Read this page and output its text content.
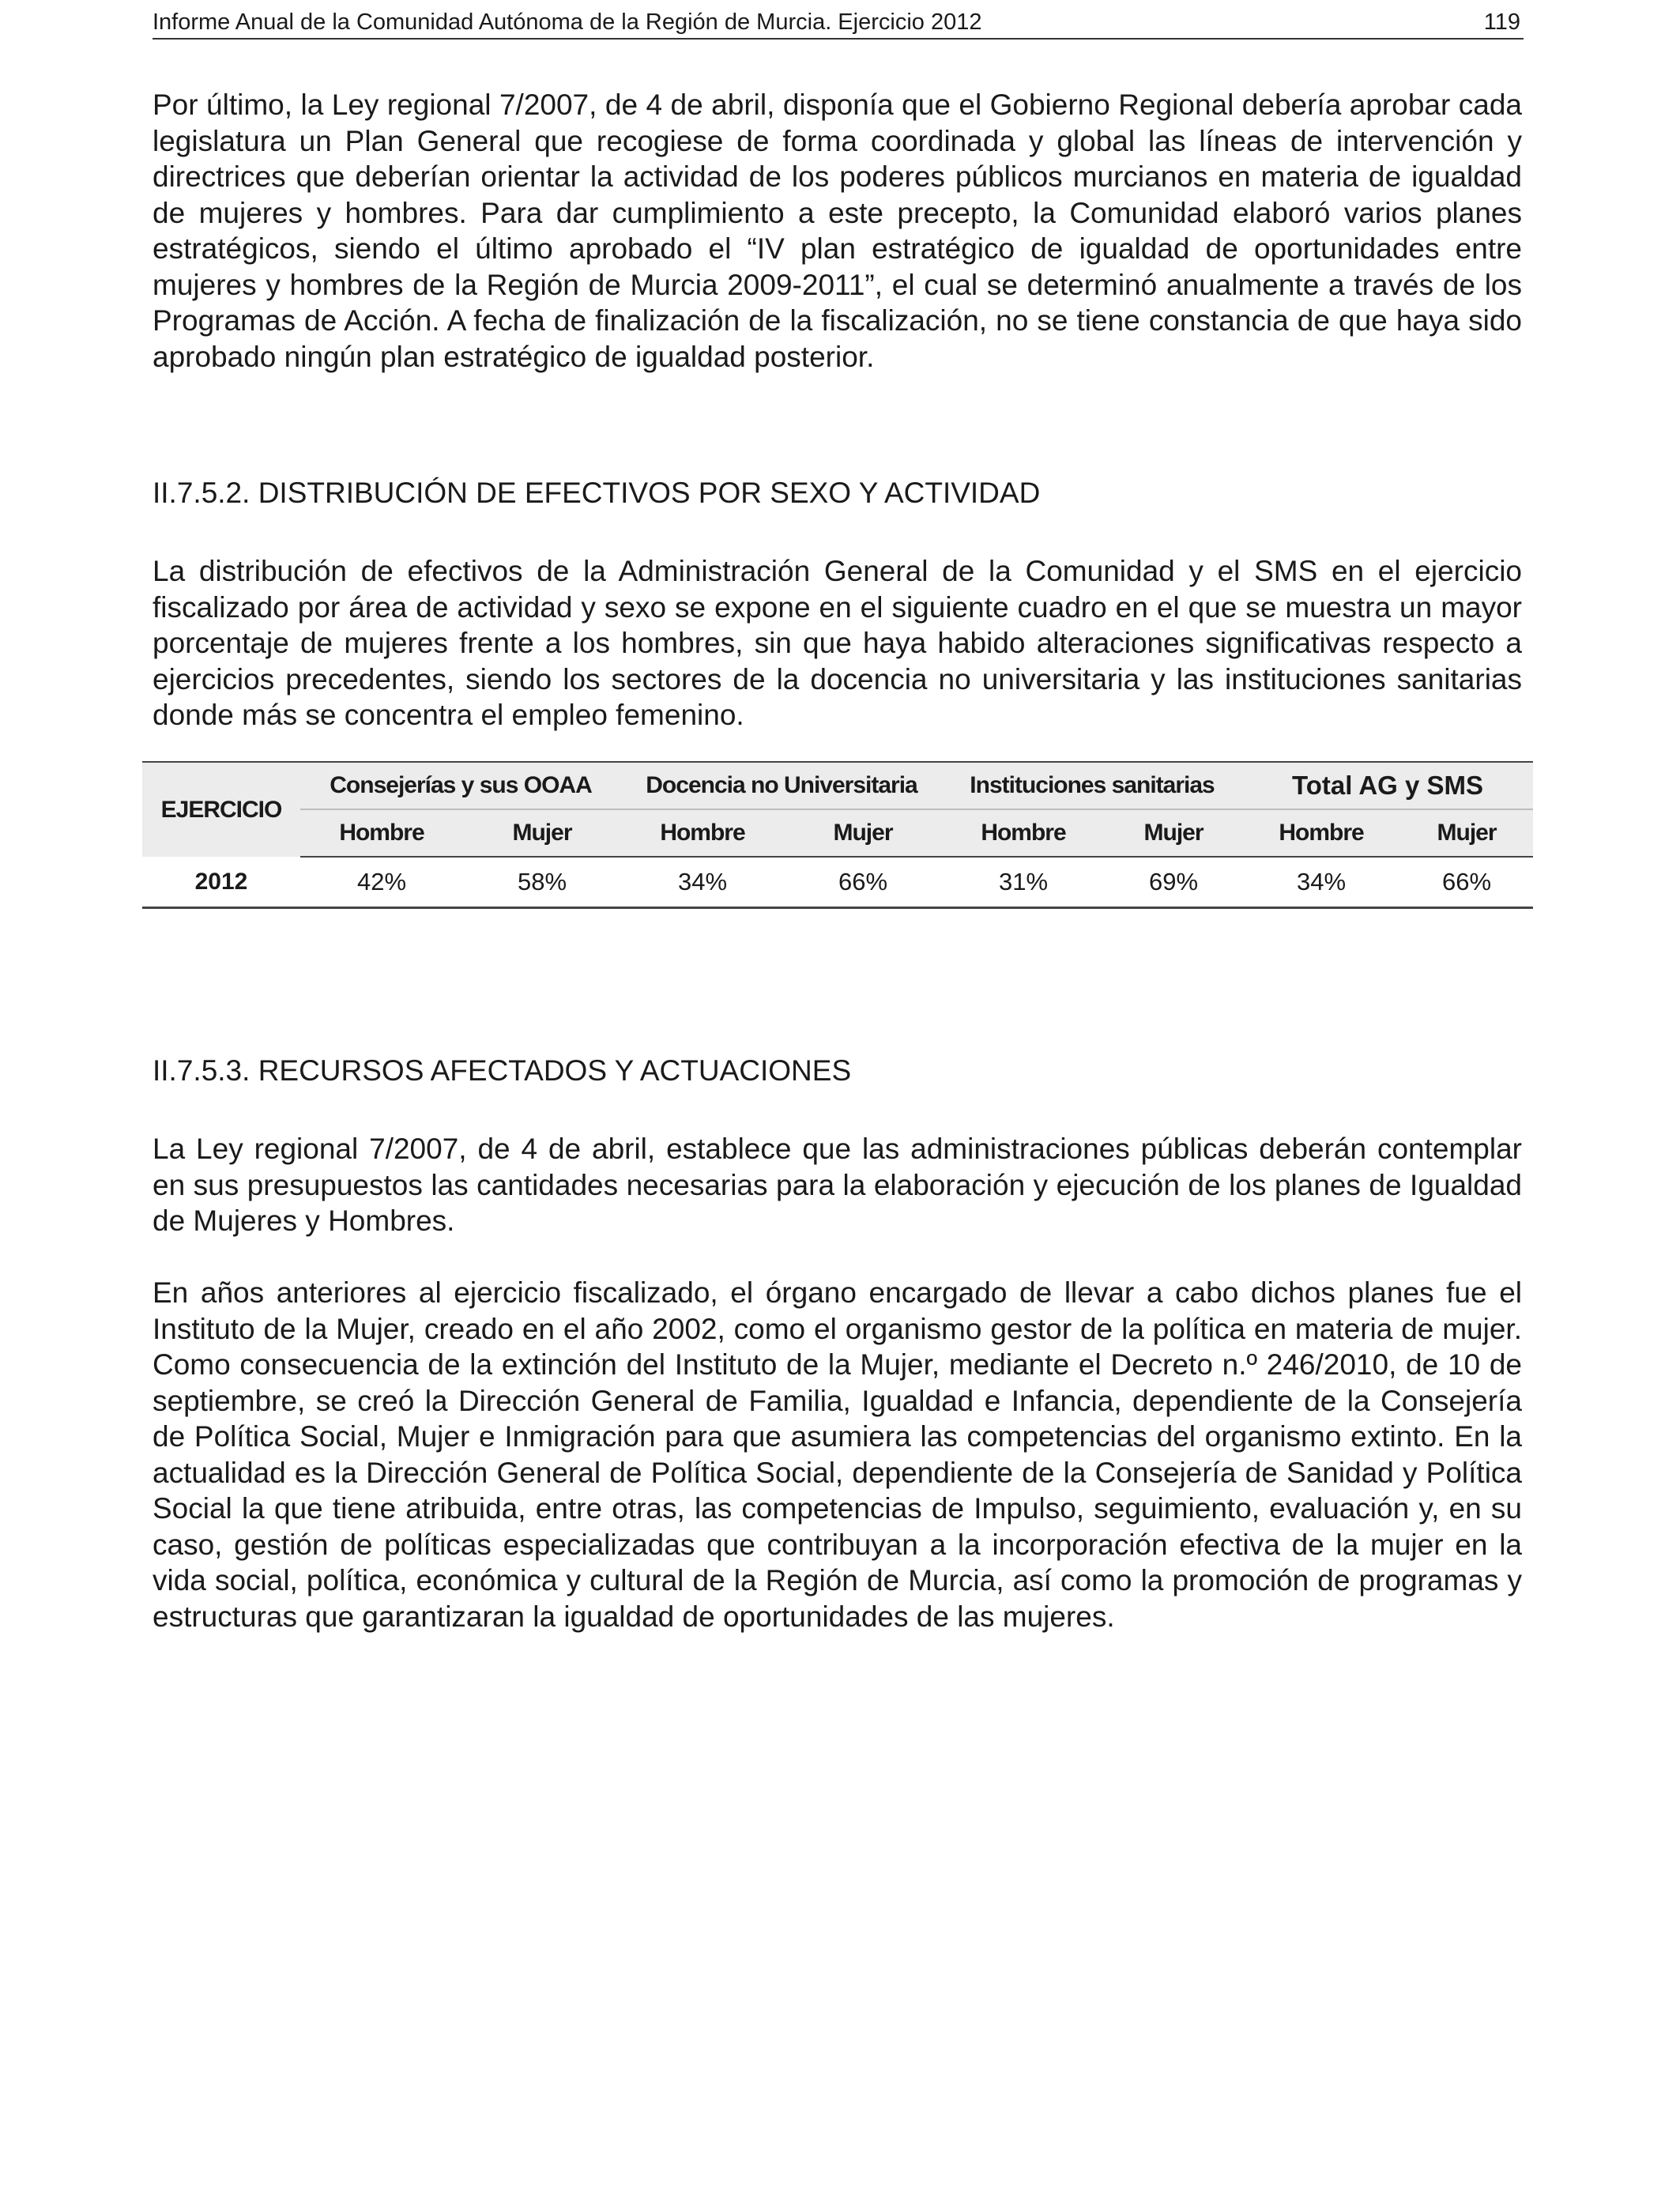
Informe Anual de la Comunidad Autónoma de la Región de Murcia. Ejercicio 2012	119

Por último, la Ley regional 7/2007, de 4 de abril, disponía que el Gobierno Regional debería aprobar cada legislatura un Plan General que recogiese de forma coordinada y global las líneas de intervención y directrices que deberían orientar la actividad de los poderes públicos murcianos en materia de igualdad de mujeres y hombres. Para dar cumplimiento a este precepto, la Comunidad elaboró varios planes estratégicos, siendo el último aprobado el “IV plan estratégico de igualdad de oportunidades entre mujeres y hombres de la Región de Murcia 2009-2011”, el cual se determinó anualmente a través de los Programas de Acción. A fecha de finalización de la fiscalización, no se tiene constancia de que haya sido aprobado ningún plan estratégico de igualdad posterior.

II.7.5.2. DISTRIBUCIÓN DE EFECTIVOS POR SEXO Y ACTIVIDAD

La distribución de efectivos de la Administración General de la Comunidad y el SMS en el ejercicio fiscalizado por área de actividad y sexo se expone en el siguiente cuadro en el que se muestra un mayor porcentaje de mujeres frente a los hombres, sin que haya habido alteraciones significativas respecto a ejercicios precedentes, siendo los sectores de la docencia no universitaria y las instituciones sanitarias donde más se concentra el empleo femenino.

EJERCICIO	Consejerías y sus OOAA		Docencia no Universitaria		Instituciones sanitarias		Total AG y SMS	
	Hombre	Mujer	Hombre	Mujer	Hombre	Mujer	Hombre	Mujer
2012	42%	58%	34%	66%	31%	69%	34%	66%
II.7.5.3. RECURSOS AFECTADOS Y ACTUACIONES

La Ley regional 7/2007, de 4 de abril, establece que las administraciones públicas deberán contemplar en sus presupuestos las cantidades necesarias para la elaboración y ejecución de los planes de Igualdad de Mujeres y Hombres.

En años anteriores al ejercicio fiscalizado, el órgano encargado de llevar a cabo dichos planes fue el Instituto de la Mujer, creado en el año 2002, como el organismo gestor de la política en materia de mujer. Como consecuencia de la extinción del Instituto de la Mujer, mediante el Decreto n.º 246/2010, de 10 de septiembre, se creó la Dirección General de Familia, Igualdad e Infancia, dependiente de la Consejería de Política Social, Mujer e Inmigración para que asumiera las competencias del organismo extinto. En la actualidad es la Dirección General de Política Social, dependiente de la Consejería de Sanidad y Política Social la que tiene atribuida, entre otras, las competencias de Impulso, seguimiento, evaluación y, en su caso, gestión de políticas especializadas que contribuyan a la incorporación efectiva de la mujer en la vida social, política, económica y cultural de la Región de Murcia, así como la promoción de programas y estructuras que garantizaran la igualdad de oportunidades de las mujeres.
